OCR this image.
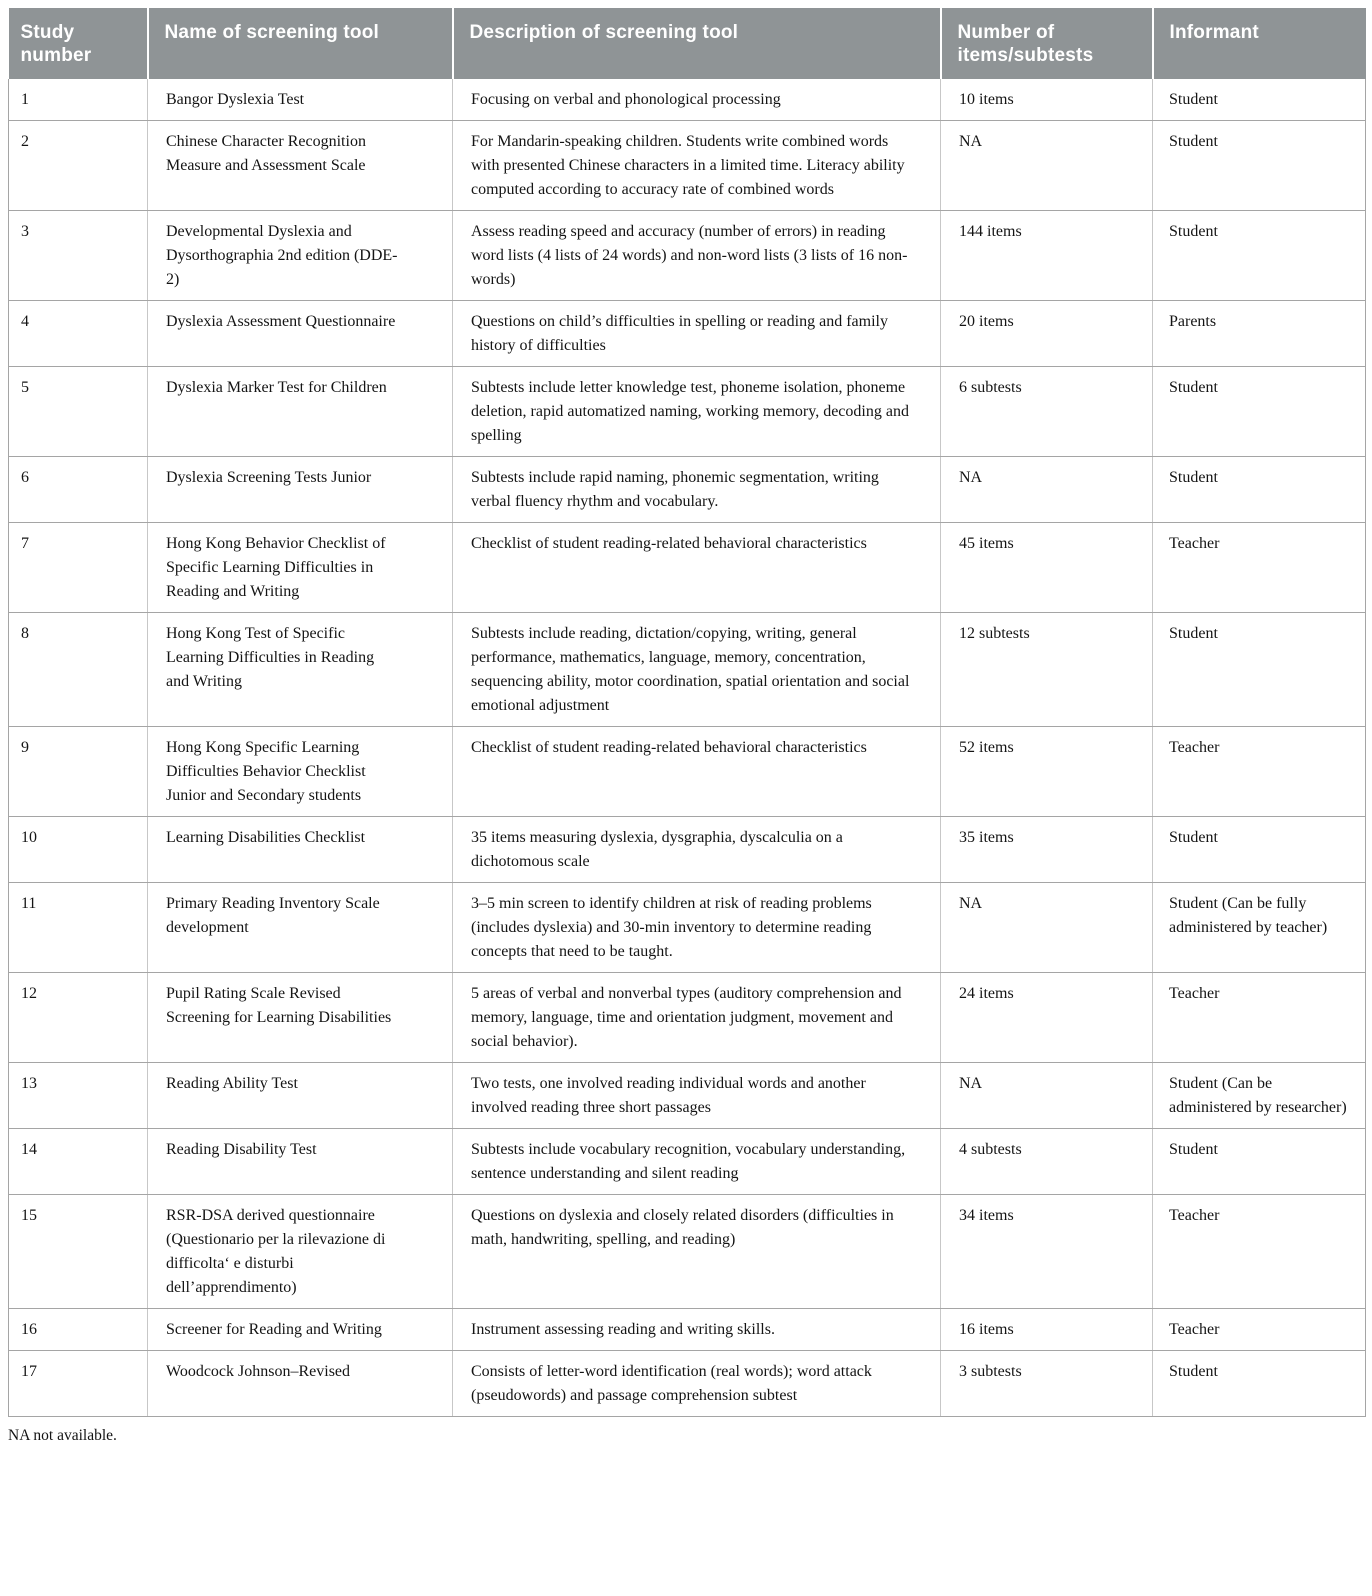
Study number	Name of screening tool	Description of screening tool	Number of items/subtests	Informant
1	Bangor Dyslexia Test	Focusing on verbal and phonological processing	10 items	Student
2	Chinese Character Recognition Measure and Assessment Scale	For Mandarin-speaking children. Students write combined words with presented Chinese characters in a limited time. Literacy ability computed according to accuracy rate of combined words	NA	Student
3	Developmental Dyslexia and Dysorthographia 2nd edition (DDE-2)	Assess reading speed and accuracy (number of errors) in reading word lists (4 lists of 24 words) and non-word lists (3 lists of 16 non-words)	144 items	Student
4	Dyslexia Assessment Questionnaire	Questions on child’s difficulties in spelling or reading and family history of difficulties	20 items	Parents
5	Dyslexia Marker Test for Children	Subtests include letter knowledge test, phoneme isolation, phoneme deletion, rapid automatized naming, working memory, decoding and spelling	6 subtests	Student
6	Dyslexia Screening Tests Junior	Subtests include rapid naming, phonemic segmentation, writing verbal fluency rhythm and vocabulary.	NA	Student
7	Hong Kong Behavior Checklist of Specific Learning Difficulties in Reading and Writing	Checklist of student reading-related behavioral characteristics	45 items	Teacher
8	Hong Kong Test of Specific Learning Difficulties in Reading and Writing	Subtests include reading, dictation/copying, writing, general performance, mathematics, language, memory, concentration, sequencing ability, motor coordination, spatial orientation and social emotional adjustment	12 subtests	Student
9	Hong Kong Specific Learning Difficulties Behavior Checklist Junior and Secondary students	Checklist of student reading-related behavioral characteristics	52 items	Teacher
10	Learning Disabilities Checklist	35 items measuring dyslexia, dysgraphia, dyscalculia on a dichotomous scale	35 items	Student
11	Primary Reading Inventory Scale development	3–5 min screen to identify children at risk of reading problems (includes dyslexia) and 30-min inventory to determine reading concepts that need to be taught.	NA	Student (Can be fully administered by teacher)
12	Pupil Rating Scale Revised Screening for Learning Disabilities	5 areas of verbal and nonverbal types (auditory comprehension and memory, language, time and orientation judgment, movement and social behavior).	24 items	Teacher
13	Reading Ability Test	Two tests, one involved reading individual words and another involved reading three short passages	NA	Student (Can be administered by researcher)
14	Reading Disability Test	Subtests include vocabulary recognition, vocabulary understanding, sentence understanding and silent reading	4 subtests	Student
15	RSR-DSA derived questionnaire (Questionario per la rilevazione di difficolta‘ e disturbi dell’apprendimento)	Questions on dyslexia and closely related disorders (difficulties in math, handwriting, spelling, and reading)	34 items	Teacher
16	Screener for Reading and Writing	Instrument assessing reading and writing skills.	16 items	Teacher
17	Woodcock Johnson–Revised	Consists of letter-word identification (real words); word attack (pseudowords) and passage comprehension subtest	3 subtests	Student

NA not available.
